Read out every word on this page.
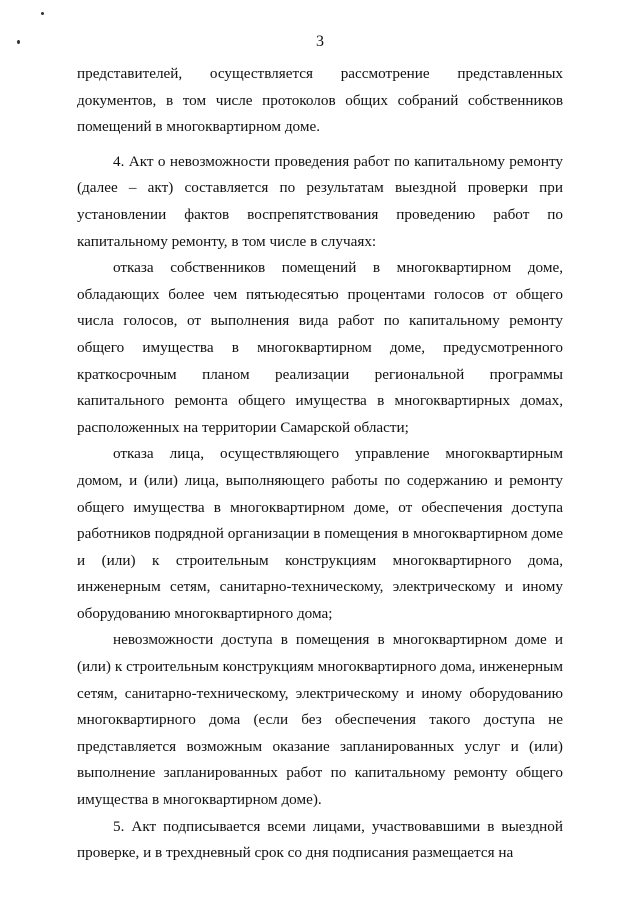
3

представителей, осуществляется рассмотрение представленных документов, в том числе протоколов общих собраний собственников помещений в многоквартирном доме.

4. Акт о невозможности проведения работ по капитальному ремонту (далее – акт) составляется по результатам выездной проверки при установлении фактов воспрепятствования проведению работ по капитальному ремонту, в том числе в случаях:

отказа собственников помещений в многоквартирном доме, обладающих более чем пятьюдесятью процентами голосов от общего числа голосов, от выполнения вида работ по капитальному ремонту общего имущества в многоквартирном доме, предусмотренного краткосрочным планом реализации региональной программы капитального ремонта общего имущества в многоквартирных домах, расположенных на территории Самарской области;

отказа лица, осуществляющего управление многоквартирным домом, и (или) лица, выполняющего работы по содержанию и ремонту общего имущества в многоквартирном доме, от обеспечения доступа работников подрядной организации в помещения в многоквартирном доме и (или) к строительным конструкциям многоквартирного дома, инженерным сетям, санитарно-техническому, электрическому и иному оборудованию многоквартирного дома;

невозможности доступа в помещения в многоквартирном доме и (или) к строительным конструкциям многоквартирного дома, инженерным сетям, санитарно-техническому, электрическому и иному оборудованию многоквартирного дома (если без обеспечения такого доступа не представляется возможным оказание запланированных услуг и (или) выполнение запланированных работ по капитальному ремонту общего имущества в многоквартирном доме).

5. Акт подписывается всеми лицами, участвовавшими в выездной проверке, и в трехдневный срок со дня подписания размещается на
